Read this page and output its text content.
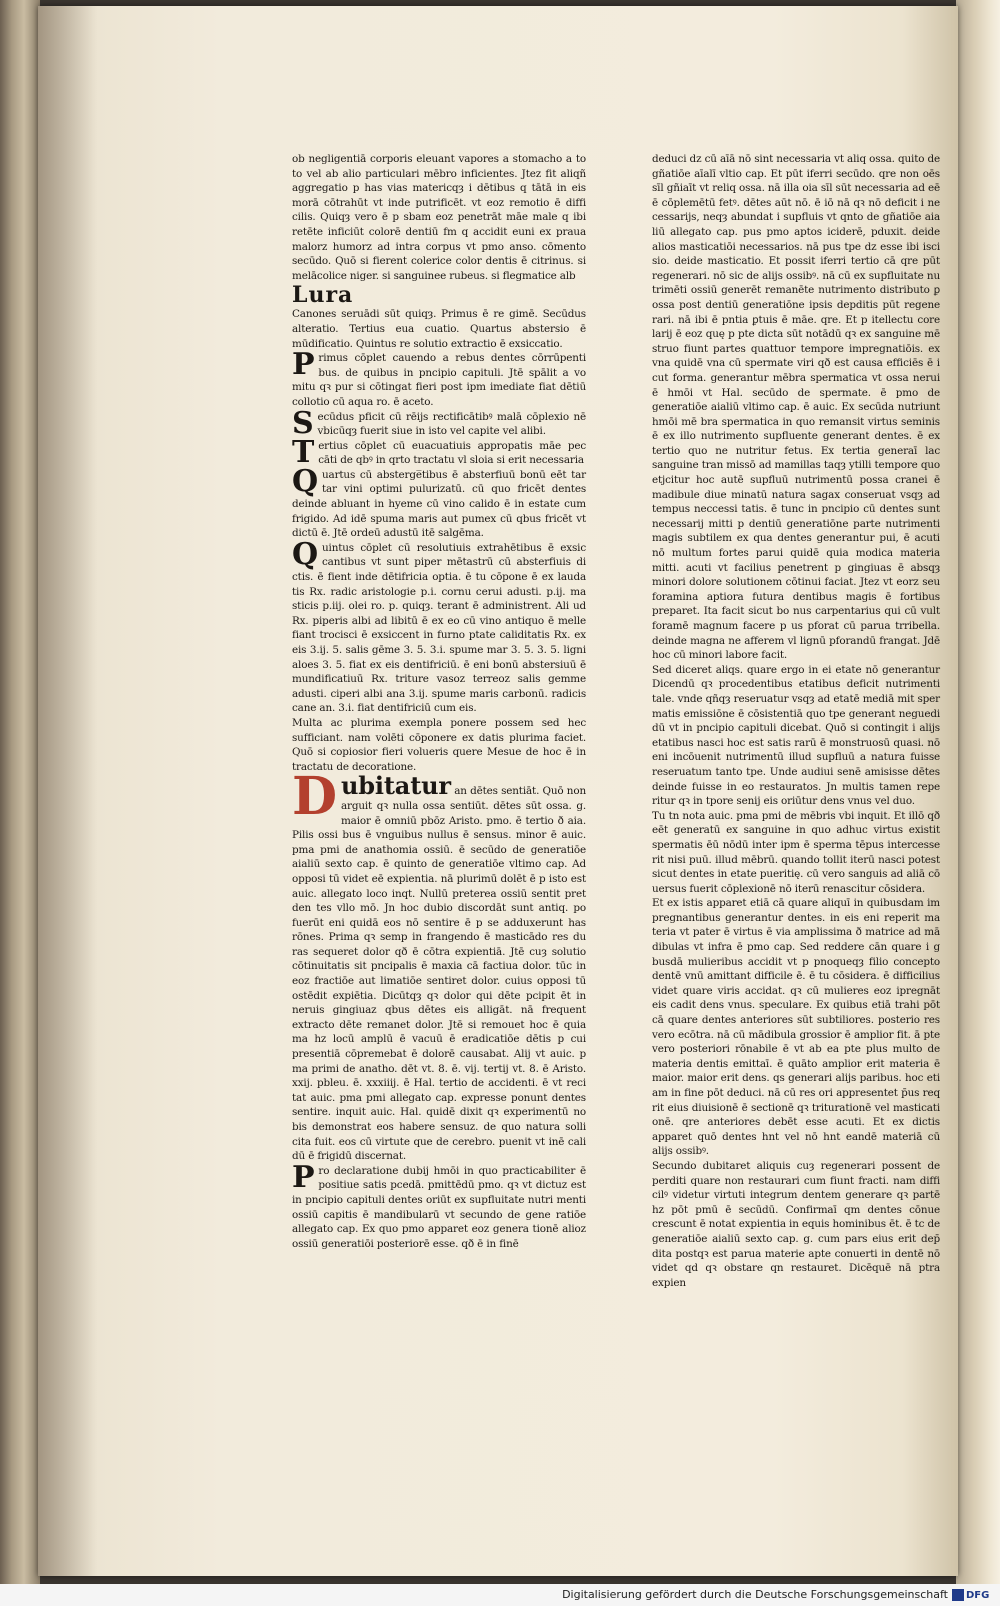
ob negligentiā corporis eleuant vapores a stomacho a to to vel ab alio particulari mēbro inficientes. Jtez fit aliqñ aggregatio p has vias matericqȝ i dētibus q tātā in eis morā cōtrahūt vt inde putrificēt. vt eoz remotio ē diffi cilis. Quiqȝ vero ē p sbam eoz penetrāt māe male q ibi retēte inficiūt colorē dentiū fm q accidit euni ex praua malorz humorz ad intra corpus vt pmo anso. cōmento secūdo. Quō si fierent colerice color dentis ē citrinus. si melācolice niger. si sanguinee rubeus. si flegmatice alb

Lura
Canones seruādi sūt quiqȝ. Primus ē re gimē. Secūdus alteratio. Tertius eua cuatio. Quartus abstersio ē mūdificatio. Quintus re solutio extractio ē exsiccatio.

Primus cōplet cauendo a rebus dentes cōrrūpenti bus. de quibus in pncipio capituli. Jtē spālit a vo mitu qꝛ pur si cōtingat fieri post ipm imediate fiat dētiū collotio cū aqua ro. ē aceto.

Secūdus pficit cū rēijs rectificātibꝰ malā cōplexio nē vbicūqȝ fuerit siue in isto vel capite vel alibi.

Tertius cōplet cū euacuatiuis appropatis māe pec cāti de qbꝰ in qrto tractatu vl sloia si erit necessaria

Quartus cū absterge̅tibus ē absterfiuū bonū eēt tar tar vini optimi pulurizatū. cū quo fricēt dentes deinde abluant in hyeme cū vino calido ē in estate cum frigido. Ad idē spuma maris aut pumex cū qbus fricēt vt dictū ē. Jtē ordeū adustū itē salgēma.

Quintus cōplet cū resolutiuis extrahētibus ē exsic cantibus vt sunt piper mētastrū cū absterfiuis di ctis. ē fient inde dētifricia optia. ē tu cōpone ē ex lauda tis Rx. radic aristologie p.i. cornu cerui adusti. p.ij. ma sticis p.iij. olei ro. p. quiqȝ. terant ē administrent. Ali ud Rx. piperis albi ad libitū ē ex eo cū vino antiquo ē melle fiant trocisci ē exsiccent in furno ptate caliditatis Rx. ex eis 3.ij. 5. salis gēme 3. 5. 3.i. spume mar 3. 5. 3. 5. ligni aloes 3. 5. fiat ex eis dentifriciū. ē eni bonū abstersiuū ē mundificatiuū Rx. triture vasoz terreoz salis gemme adusti. ciperi albi ana 3.ij. spume maris carbonū. radicis cane an. 3.i. fiat dentifriciū cum eis.

Multa ac plurima exempla ponere possem sed hec sufficiant. nam volēti cōponere ex datis plurima faciet. Quō si copiosior fieri volueris quere Mesue de hoc ē in tractatu de decoratione.

Dubitatur an dētes sentiāt. Quō non arguit qꝛ nulla ossa sentiūt. dētes sūt ossa. g. maior ē omniū pbōz Aristo. pmo. ē tertio ð aia. Pilis ossi bus ē vnguibus nullus ē sensus. minor ē auic. pma pmi de anathomia ossiū. ē secūdo de generatiōe aialiū sexto cap. ē quinto de generatiōe vltimo cap. Ad opposi tū videt eē expientia. nā plurimū dolēt ē p isto est auic. allegato loco inqt. Nullū preterea ossiū sentit pret den tes vllo mō. Jn hoc dubio discordāt sunt antiq. po fuerūt eni quidā eos nō sentire ē p se adduxerunt has rōnes. Prima qꝛ semp in frangendo ē masticādo res du ras sequeret dolor qð ē cōtra expientiā. Jtē cuȝ solutio cōtinuitatis sit pncipalis ē maxia cā factiua dolor. tūc in eoz fractiōe aut limatiōe sentiret dolor. cuius opposi tū ostēdit expiētia. Dicūtqȝ qꝛ dolor qui dēte pcipit ēt in neruis gingiuaz qbus dētes eis alligāt. nā frequent extracto dēte remanet dolor. Jtē si remouet hoc ē quia ma hz locū amplū ē vacuū ē eradicatiōe dētis p cui presentiā cōpremebat ē dolorē causabat. Alij vt auic. p ma primi de anatho. dēt vt. 8. ē. vij. tertij vt. 8. ē Aristo. xxij. pbleu. ē. xxxiiij. ē Hal. tertio de accidenti. ē vt reci tat auic. pma pmi allegato cap. expresse ponunt dentes sentire. inquit auic. Hal. quidē dixit qꝛ experimentū no bis demonstrat eos habere sensuz. de quo natura solli cita fuit. eos cū virtute que de cerebro. puenit vt inē cali dū ē frigidū discernat.

Pro declaratione dubij hmōi in quo practicabiliter ē positiue satis pcedā. pmittēdū pmo. qꝛ vt dictuz est in pncipio capituli dentes oriūt ex supfluitate nutri menti ossiū capitis ē mandibularū vt secundo de gene ratiōe allegato cap. Ex quo pmo apparet eoz genera tionē alioz ossiū generatiōi posteriorē esse. qð ē in finē

deduci dz cū aīā nō sint necessaria vt aliq ossa. quito de gñatiōe aīalī vltio cap. Et pūt iferri secūdo. qre non oēs sīl gñiaīt vt reliq ossa. nā illa oia sīl sūt necessaria ad eē ē cōplemētū fetꝰ. dētes aūt nō. ē iō nā qꝛ nō deficit i ne cessarijs, neqȝ abundat i supfluis vt qnto de gñatiōe aia liū allegato cap. pus pmo aptos iciderē, pduxit. deide alios masticatiōi necessarios. nā pus tpe dz esse ibi isci sio. deide masticatio. Et possit iferri tertio cā qre pūt regenerari. nō sic de alijs ossibꝰ. nā cū ex supfluitate nu trimēti ossiū generēt remanēte nutrimento distributo ꝑ ossa post dentiū generatiōne ipsis depditis pūt regene rari. nā ibi ē pntia ꝑtuis ē māe. qre. Et p itellectu core larij ē eoz quę p pte dicta sūt notādū qꝛ ex sanguine mē struo fiunt partes quattuor tempore impregnatiōis. ex vna quidē vna cū spermate viri qð est causa efficiēs ē i cut forma. generantur mēbra spermatica vt ossa nerui ē hmōi vt Hal. secūdo de spermate. ē pmo de generatiōe aialiū vltimo cap. ē auic. Ex secūda nutriunt hmōi mē bra spermatica in quo remansit virtus seminis ē ex illo nutrimento supfluente generant dentes. ē ex tertio quo ne nutritur fetus. Ex tertia generaī lac sanguine tran missō ad mamillas taqȝ ytilli tempore quo etjcitur hoc autē supfluū nutrimentū possa cranei ē madibule diue minatū natura sagax conseruat vsqȝ ad tempus neccessi tatis. ē tunc in pncipio cū dentes sunt necessarij mitti p dentiū generatiōne parte nutrimenti magis subtilem ex qua dentes generantur pui, ē acuti nō multum fortes parui quidē quia modica materia mitti. acuti vt facilius penetrent p gingiuas ē absqȝ minori dolore solutionem cōtinui faciat. Jtez vt eorz seu foramina aptiora futura dentibus magis ē fortibus preparet. Ita facit sicut bo nus carpentarius qui cū vult foramē magnum facere p us pforat cū parua trribella. deinde magna ne afferem vl lignū pforandū frangat. Jdē hoc cū minori labore facit.

Sed diceret aliqs. quare ergo in ei etate nō generantur Dicendū qꝛ procedentibus etatibus deficit nutrimenti tale. vnde qñqȝ reseruatur vsqȝ ad etatē mediā mit sper matis emissiōne ē cōsistentiā quo tpe generant neguedi dū vt in pncipio capituli dicebat. Quō si contingit i alijs etatibus nasci hoc est satis rarū ē monstruosū quasi. nō eni incōuenit nutrimentū illud supfluū a natura fuisse reseruatum tanto tpe. Unde audiui senē amisisse dētes deinde fuisse in eo restauratos. Jn multis tamen repe ritur qꝛ in tpore senij eis oriūtur dens vnus vel duo.

Tu tn nota auic. pma pmi de mēbris vbi inquit. Et illō qð eēt generatū ex sanguine in quo adhuc virtus existit spermatis ēū nōdū inter ipm ē sperma tēpus intercesse rit nisi puū. illud mēbrū. quando tollit iterū nasci potest sicut dentes in etate pueritię. cū vero sanguis ad aliā cō uersus fuerit cōplexionē nō iterū renascitur cōsidera.

Et ex istis apparet etiā cā quare aliquī in quibusdam im pregnantibus generantur dentes. in eis eni reperit ma teria vt pater ē virtus ē via amplissima ð matrice ad mā dibulas vt infra ē pmo cap. Sed reddere cān quare i g busdā mulieribus accidit vt p pnoqueqȝ filio concepto dentē vnū amittant difficile ē. ē tu cōsidera. ē difficilius videt quare viris accidat. qꝛ cū mulieres eoz ipregnāt eis cadit dens vnus. speculare. Ex quibus etiā trahi pōt cā quare dentes anteriores sūt subtiliores. posterio res vero ecōtra. nā cū mādibula grossior ē amplior fit. ā pte vero posteriori rōnabile ē vt ab ea pte plus multo de materia dentis emittaī. ē quāto amplior erit materia ē maior. maior erit dens. qs generari alijs paribus. hoc eti am in fine pōt deduci. nā cū res ori appresentet p̄us req rit eius diuisionē ē sectionē qꝛ triturationē vel masticati onē. qre anteriores debēt esse acuti. Et ex dictis apparet quō dentes hnt vel nō hnt eandē materiā cū alijs ossibꝰ.

Secundo dubitaret aliquis cuȝ regenerari possent de perditi quare non restaurari cum fiunt fracti. nam diffi cilꝰ videtur virtuti integrum dentem generare qꝛ partē hz pōt pmū ē secūdū. Confirmaī qm dentes cōnue crescunt ē notat expientia in equis hominibus ēt. ē tc de generatiōe aialiū sexto cap. g. cum pars eius erit dep̄ dita postqꝛ est parua materie apte conuerti in dentē nō videt qd qꝛ obstare qn restauret. Dicēquē nā ptra expien

Digitalisierung gefördert durch die Deutsche Forschungsgemeinschaft DFG
